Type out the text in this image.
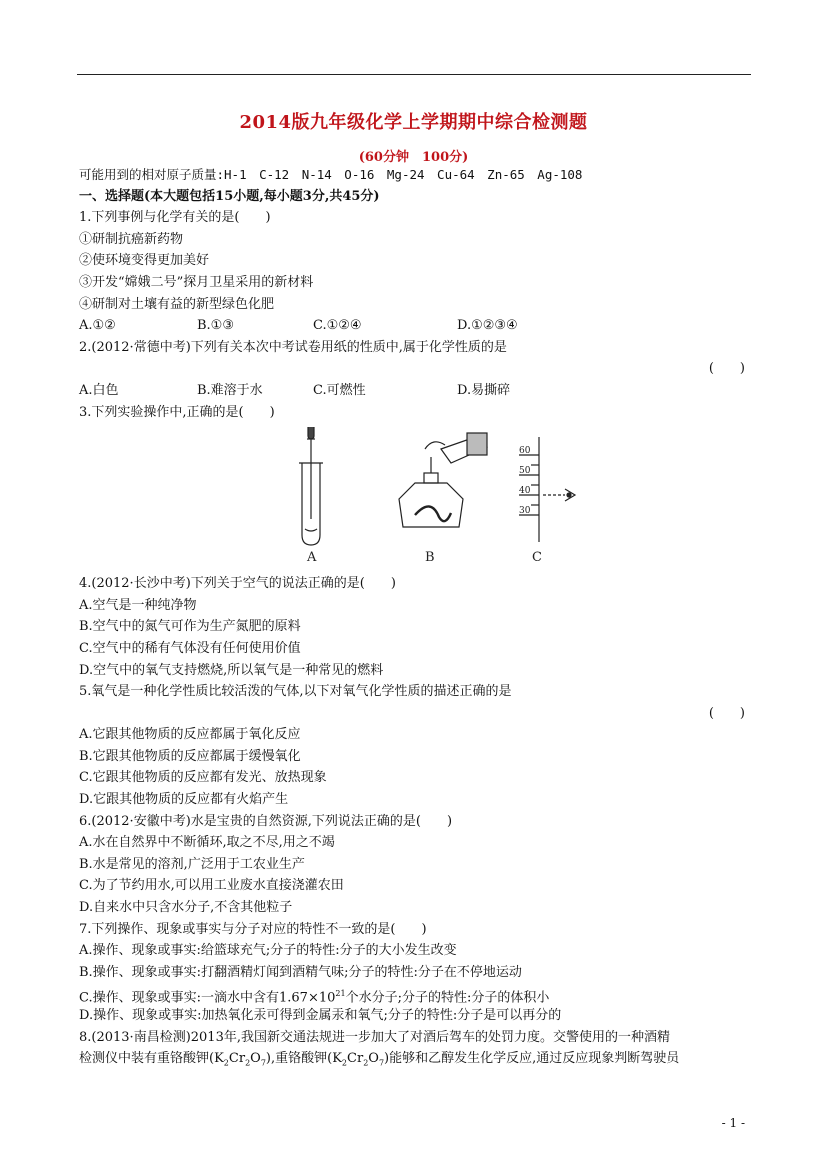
2014版九年级化学上学期期中综合检测题
(60分钟　100分)
可能用到的相对原子质量:H-1　C-12　N-14　O-16　Mg-24　Cu-64　Zn-65　Ag-108
一、选择题(本大题包括15小题,每小题3分,共45分)
1.下列事例与化学有关的是(　　)
①研制抗癌新药物
②使环境变得更加美好
③开发“嫦娥二号”探月卫星采用的新材料
④研制对土壤有益的新型绿色化肥
A.①②	B.①③	C.①②④	D.①②③④
2.(2012·常德中考)下列有关本次中考试卷用纸的性质中,属于化学性质的是
(　　)
A.白色	B.难溶于水	C.可燃性	D.易撕碎
3.下列实验操作中,正确的是(　　)
A	B
60
50
40
30
C
4.(2012·长沙中考)下列关于空气的说法正确的是(　　)
A.空气是一种纯净物
B.空气中的氮气可作为生产氮肥的原料
C.空气中的稀有气体没有任何使用价值
D.空气中的氧气支持燃烧,所以氧气是一种常见的燃料
5.氧气是一种化学性质比较活泼的气体,以下对氧气化学性质的描述正确的是
(　　)
A.它跟其他物质的反应都属于氧化反应
B.它跟其他物质的反应都属于缓慢氧化
C.它跟其他物质的反应都有发光、放热现象
D.它跟其他物质的反应都有火焰产生
6.(2012·安徽中考)水是宝贵的自然资源,下列说法正确的是(　　)
A.水在自然界中不断循环,取之不尽,用之不竭
B.水是常见的溶剂,广泛用于工农业生产
C.为了节约用水,可以用工业废水直接浇灌农田
D.自来水中只含水分子,不含其他粒子
7.下列操作、现象或事实与分子对应的特性不一致的是(　　)
A.操作、现象或事实:给篮球充气;分子的特性:分子的大小发生改变
B.操作、现象或事实:打翻酒精灯闻到酒精气味;分子的特性:分子在不停地运动
C.操作、现象或事实:一滴水中含有$1.67\times 10^{21}$个水分子;分子的特性:分子的体积小
D.操作、现象或事实:加热氧化汞可得到金属汞和氧气;分子的特性:分子是可以再分的
8.(2013·南昌检测)2013年,我国新交通法规进一步加大了对酒后驾车的处罚力度。交警使用的一种酒精
检测仪中装有重铬酸钾$(K_2Cr_2O_7)$,重铬酸钾$(K_2Cr_2O_7)$能够和乙醇发生化学反应,通过反应现象判断驾驶员
- 1 -
